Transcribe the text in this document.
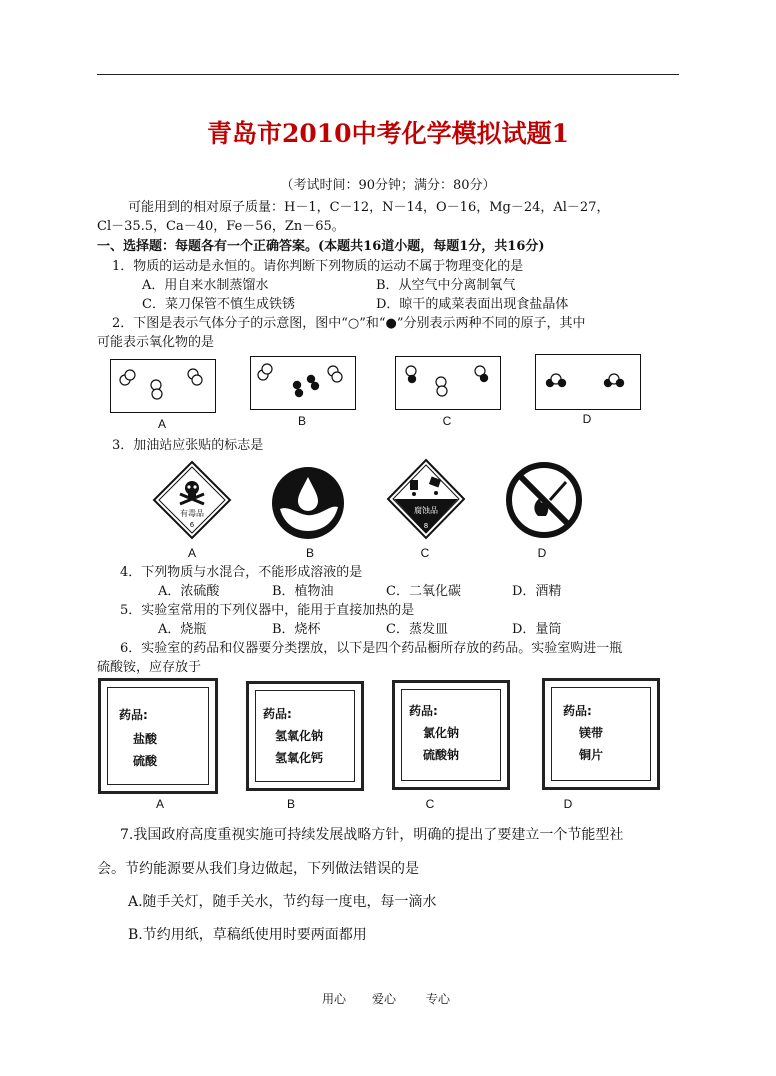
青岛市2010中考化学模拟试题1
（考试时间：90分钟；满分：80分）
可能用到的相对原子质量：H－1，C－12，N－14，O－16，Mg－24，Al－27，
Cl－35.5，Ca－40，Fe－56，Zn－65。
一、选择题：每题各有一个正确答案。(本题共16道小题，每题1分，共16分)
1．物质的运动是永恒的。请你判断下列物质的运动不属于物理变化的是
A．用自来水制蒸馏水	B．从空气中分离制氧气
C．菜刀保管不慎生成铁锈	D．晾干的咸菜表面出现食盐晶体
2．下图是表示气体分子的示意图，图中“○”和“●”分别表示两种不同的原子，其中
可能表示氧化物的是
A	B	C	D
3．加油站应张贴的标志是
有毒品
6
A	B
腐蚀品
8
C	D
4．下列物质与水混合，不能形成溶液的是
A．浓硫酸	B．植物油	C．二氧化碳	D．酒精
5．实验室常用的下列仪器中，能用于直接加热的是
A．烧瓶	B．烧杯	C．蒸发皿	D．量筒
6．实验室的药品和仪器要分类摆放，以下是四个药品橱所存放的药品。实验室购进一瓶
硫酸铵，应存放于
药品:
盐酸
硫酸
A
药品:
氢氧化钠
氢氧化钙
B
药品:
氯化钠
硫酸钠
C
药品:
镁带
铜片
D
7.我国政府高度重视实施可持续发展战略方针，明确的提出了要建立一个节能型社
会。节约能源要从我们身边做起，下列做法错误的是
A.随手关灯，随手关水，节约每一度电，每一滴水
B.节约用纸，草稿纸使用时要两面都用
用心 爱心 专心
